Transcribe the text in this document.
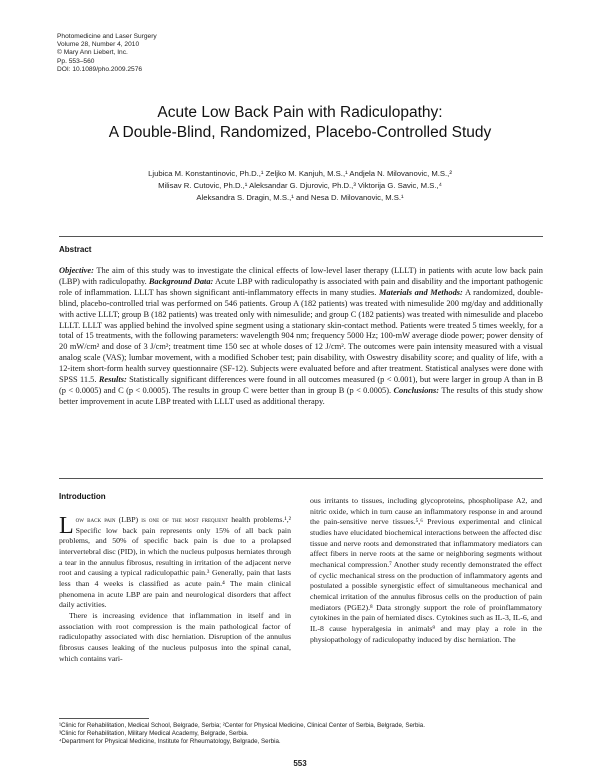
Photomedicine and Laser Surgery
Volume 28, Number 4, 2010
© Mary Ann Liebert, Inc.
Pp. 553–560
DOI: 10.1089/pho.2009.2576
Acute Low Back Pain with Radiculopathy:
A Double-Blind, Randomized, Placebo-Controlled Study
Ljubica M. Konstantinovic, Ph.D.,¹ Zeljko M. Kanjuh, M.S.,¹ Andjela N. Milovanovic, M.S.,²
Milisav R. Cutovic, Ph.D.,¹ Aleksandar G. Djurovic, Ph.D.,³ Viktorija G. Savic, M.S.,⁴
Aleksandra S. Dragin, M.S.,¹ and Nesa D. Milovanovic, M.S.¹
Abstract

Objective: The aim of this study was to investigate the clinical effects of low-level laser therapy (LLLT) in patients with acute low back pain (LBP) with radiculopathy. Background Data: Acute LBP with radiculopathy is associated with pain and disability and the important pathogenic role of inflammation. LLLT has shown significant anti-inflammatory effects in many studies. Materials and Methods: A randomized, double-blind, placebo-controlled trial was performed on 546 patients. Group A (182 patients) was treated with nimesulide 200 mg/day and additionally with active LLLT; group B (182 patients) was treated only with nimesulide; and group C (182 patients) was treated with nimesulide and placebo LLLT. LLLT was applied behind the involved spine segment using a stationary skin-contact method. Patients were treated 5 times weekly, for a total of 15 treatments, with the following parameters: wavelength 904 nm; frequency 5000 Hz; 100-mW average diode power; power density of 20 mW/cm² and dose of 3 J/cm²; treatment time 150 sec at whole doses of 12 J/cm². The outcomes were pain intensity measured with a visual analog scale (VAS); lumbar movement, with a modified Schober test; pain disability, with Oswestry disability score; and quality of life, with a 12-item short-form health survey questionnaire (SF-12). Subjects were evaluated before and after treatment. Statistical analyses were done with SPSS 11.5. Results: Statistically significant differences were found in all outcomes measured (p < 0.001), but were larger in group A than in B (p < 0.0005) and C (p < 0.0005). The results in group C were better than in group B (p < 0.0005). Conclusions: The results of this study show better improvement in acute LBP treated with LLLT used as additional therapy.

Introduction

Low back pain (LBP) is one of the most frequent health problems.¹,² Specific low back pain represents only 15% of all back pain problems, and 50% of specific back pain is due to a prolapsed intervertebral disc (PID), in which the nucleus pulposus herniates through a tear in the annulus fibrosus, resulting in irritation of the adjacent nerve root and causing a typical radiculopathic pain.³ Generally, pain that lasts less than 4 weeks is classified as acute pain.⁴ The main clinical phenomena in acute LBP are pain and neurological disorders that affect daily activities.

There is increasing evidence that inflammation in itself and in association with root compression is the main pathological factor of radiculopathy associated with disc herniation. Disruption of the annulus fibrosus causes leaking of the nucleus pulposus into the spinal canal, which contains vari-

ous irritants to tissues, including glycoproteins, phospholipase A2, and nitric oxide, which in turn cause an inflammatory response in and around the pain-sensitive nerve tissues.⁵,⁶ Previous experimental and clinical studies have elucidated biochemical interactions between the affected disc tissue and nerve roots and demonstrated that inflammatory mediators can affect fibers in nerve roots at the same or neighboring segments without mechanical compression.⁷ Another study recently demonstrated the effect of cyclic mechanical stress on the production of inflammatory agents and postulated a possible synergistic effect of simultaneous mechanical and chemical irritation of the annulus fibrosus cells on the production of pain mediators (PGE2).⁸ Data strongly support the role of proinflammatory cytokines in the pain of herniated discs. Cytokines such as IL-3, IL-6, and IL-8 cause hyperalgesia in animals⁹ and may play a role in the physiopathology of radiculopathy induced by disc herniation. The

¹Clinic for Rehabilitation, Medical School, Belgrade, Serbia; ²Center for Physical Medicine, Clinical Center of Serbia, Belgrade, Serbia.
³Clinic for Rehabilitation, Military Medical Academy, Belgrade, Serbia.
⁴Department for Physical Medicine, Institute for Rheumatology, Belgrade, Serbia.
553
